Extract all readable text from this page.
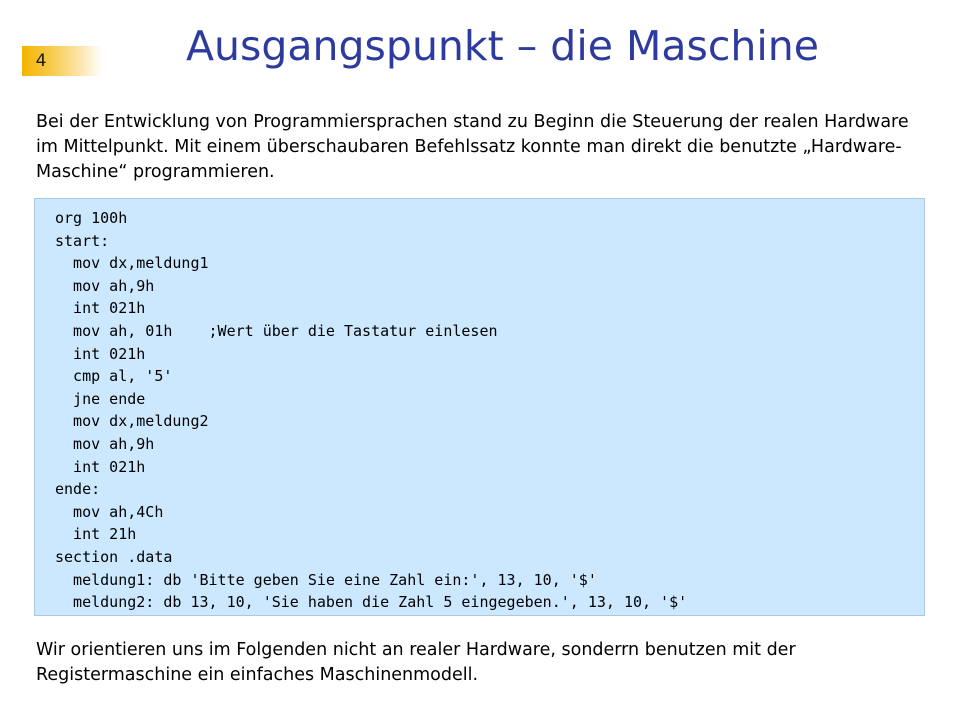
4	Ausgangspunkt – die Maschine

Bei der Entwicklung von Programmiersprachen stand zu Beginn die Steuerung der realen Hardware im Mittelpunkt. Mit einem überschaubaren Befehlssatz konnte man direkt die benutzte „Hardware-Maschine“ programmieren.

org 100h
start:
mov dx,meldung1
mov ah,9h
int 021h
mov ah, 01h    ;Wert über die Tastatur einlesen
int 021h
cmp al, '5'
jne ende
mov dx,meldung2
mov ah,9h
int 021h
ende:
mov ah,4Ch
int 21h
section .data
meldung1: db 'Bitte geben Sie eine Zahl ein:', 13, 10, '$'
meldung2: db 13, 10, 'Sie haben die Zahl 5 eingegeben.', 13, 10, '$'

Wir orientieren uns im Folgenden nicht an realer Hardware, sonderrn benutzen mit der Registermaschine ein einfaches Maschinenmodell.
